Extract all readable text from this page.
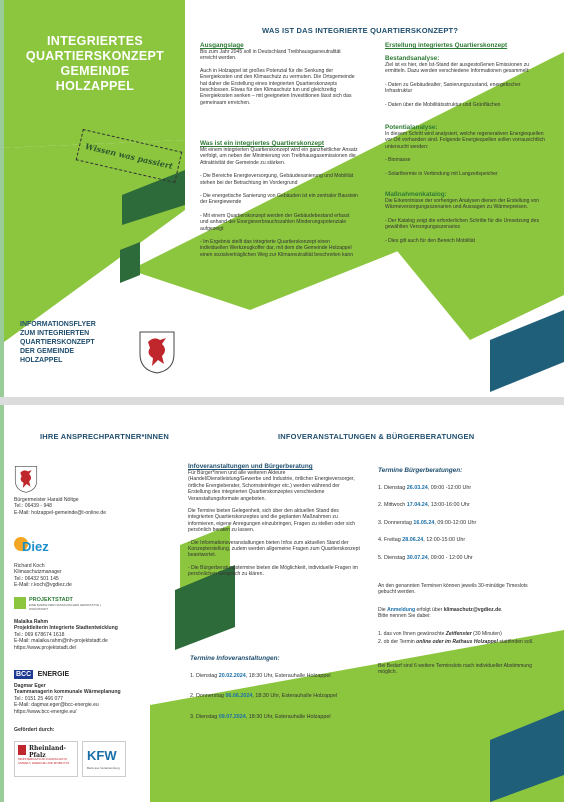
INTEGRIERTES
QUARTIERSKONZEPT
GEMEINDE HOLZAPPEL
Wissen was passiert
INFORMATIONSFLYER
ZUM INTEGRIERTEN
QUARTIERSKONZEPT
DER GEMEINDE
HOLZAPPEL
WAS IST DAS INTEGRIERTE QUARTIERSKONZEPT?
Ausgangslage
Bis zum Jahr 2045 soll in Deutschland Treibhausgasneutralität erreicht werden.
Auch in Holzappel ist großes Potenzial für die Senkung der Energiekosten und den Klimaschutz zu vermuten. Die Ortsgemeinde hat daher die Erstellung eines integrierten Quartierskonzepts beschlossen. Etwas für den Klimaschutz tun und gleichzeitig Energiekosten senken – mit geeigneten Investitionen lässt sich das gemeinsam erreichen.
Was ist ein integriertes Quartierskonzept
Mit einem integrierten Quartierskonzept wird ein ganzheitlicher Ansatz verfolgt, um neben der Minimierung von Treibhausgasemissionen die Attraktivität der Gemeinde zu stärken.
- Die Bereiche Energieversorgung, Gebäudesanierung und Mobilität stehen bei der Betrachtung im Vordergrund
- Die energetische Sanierung von Gebäuden ist ein zentraler Baustein der Energiewende
- Mit einem Quartierskonzept werden der Gebäudebestand erfasst und anhand der Energieverbrauchszahlen Minderungspotenziale aufgezeigt
- Im Ergebnis stellt das integrierte Quartierskonzept einen individuellen Werkzeugkoffer dar, mit dem die Gemeinde Holzappel einen sozialverträglichen Weg zur Klimaneutralität beschreiten kann
Erstellung integriertes Quartierskonzept
Bestandsanalyse:
Ziel ist es hier, den Ist-Stand der ausgestoßenen Emissionen zu ermitteln. Dazu werden verschiedene Informationen gesammelt:
- Daten zu Gebäudealter, Sanierungszustand, energetischer Infrastruktur
- Daten über die Mobilitätsstruktur und Grünflächen
Potentialanalyse:
In diesem Schritt wird analysiert, welche regenerativen Energiequellen vor Ort vorhanden sind. Folgende Energiequellen sollen vorrausichtlich untersucht werden:
- Biomasse
- Solarthermie in Verbindung mit Langzeitspeicher
Maßnahmenkatalog:
Die Erkenntnisse der vorherigen Analysen dienen der Erstellung von Wärmeversorgungsszenarien und Aussagen zu Wärmepreisen.
- Der Katalog zeigt die erforderlichen Schritte für die Umsetzung des gewählten Versorgungsszenarios
- Dies gilt auch für den Bereich Mobilität
IHRE ANSPRECHPARTNER*INNEN	INFOVERANSTALTUNGEN & BÜRGERBERATUNGEN
Bürgermeister Harald Nöltge
Tel.: 06439 - 948
E-Mail: holzappel-gemeinde@t-online.de
Diez
Richard Koch
Klimaschutzmanager
Tel.: 06432 501 145
E-Mail: r.koch@vgdiez.de
PROJEKTSTADT
EINE MARKE DER NASSAUISCHEN HEIMSTÄTTE | WOHNSTADT
Malaika Rahm
Projektleiterin Integrierte Stadtentwicklung
Tel.: 069 678674 1618
E-Mail: malaika.rahm@nh-projektstadt.de
https://www.projektstadt.de/
BCC ENERGIE
Dagmar Eger
Teammanagerin kommunale Wärmeplanung
Tel.: 0151 25 466 077
E-Mail: dagmar.eger@bcc-energie.eu
https://www.bcc-energie.eu/
Gefördert durch:
Rheinland-Pfalz
MINISTERIUM FÜR KLIMASCHUTZ, UMWELT, ENERGIE UND MOBILITÄT	KFW
Bank aus Verantwortung
Infoveranstaltungen und Bürgerberatung
Für Bürger*innen und alle weiteren Akteure (Handel/Dienstleistung/Gewerbe und Industrie, örtlicher Energieversorger, örtliche Energieberater, Schornsteinfeger etc.) werden während der Erstellung des integrierten Quartierskonzeptes verschiedene Veranstaltungsformate angeboten.
Die Termine bieten Gelegenheit, sich über den aktuellen Stand des integrierten Quartierskonzeptes und die geplanten Maßnahmen zu informieren, eigene Anregungen einzubringen, Fragen zu stellen oder sich persönlich beraten zu lassen.
- Die Informationsveranstaltungen bieten Infos zum aktuellen Stand der Konzepterstellung, zudem werden allgemeine Fragen zum Quartierskonzept beantwortet.
- Die Bürgerberatungstermine bieten die Möglichkeit, individuelle Fragen im persönlichen Gespräch zu klären.
Termine Infoveranstaltungen:
1. Dienstag 20.02.2024, 18:30 Uhr, Esterauhalle Holzappel
2. Donnerstag 06.06.2024, 18:30 Uhr, Esterauhalle Holzappel
3. Dienstag 09.07.2024, 18:30 Uhr, Esterauhalle Holzappel
Termine Bürgerberatungen:
1. Dienstag 26.03.24, 09:00 -12:00 Uhr
2. Mittwoch 17.04.24, 13:00-16:00 Uhr
3. Donnerstag 16.05.24, 09:00-12:00 Uhr
4. Freitag 28.06.24, 12:00-15:00 Uhr
5. Dienstag 30.07.24, 09:00 - 12:00 Uhr
An den genannten Terminen können jeweils 30-minütige Timeslots gebucht werden.
Die Anmeldung erfolgt über klimaschutz@vgdiez.de.
Bitte nennen Sie dabei:
1. das von Ihnen gewünschte Zeitfenster (30 Minuten)
2. ob der Termin online oder im Rathaus Holzappel stattfinden soll.
Bei Bedarf sind 6 weitere Terminslots nach individueller Abstimmung möglich.
